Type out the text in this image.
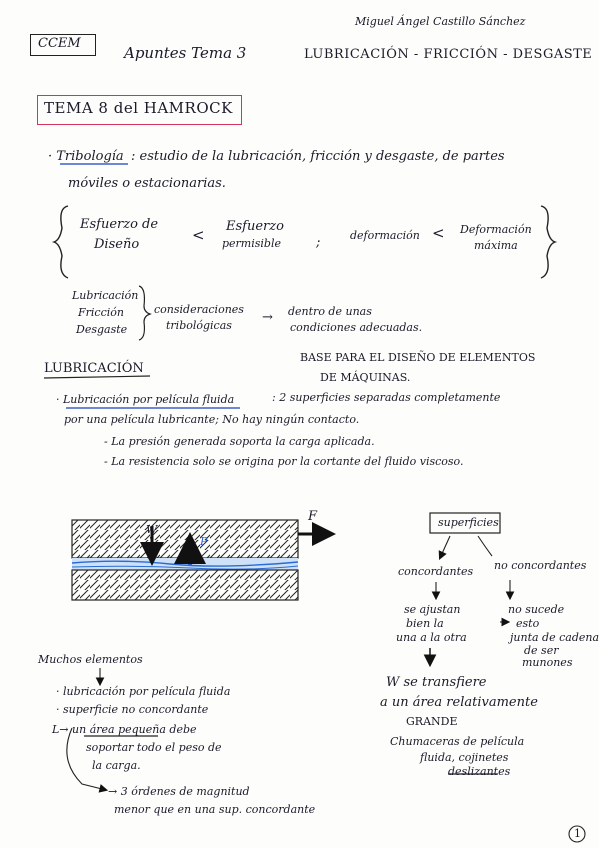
CCEM
Apuntes Tema 3
Miguel Ángel Castillo Sánchez
LUBRICACIÓN - FRICCIÓN - DESGASTE
TEMA 8 del HAMROCK
· Tribología : estudio de la lubricación, fricción y desgaste, de partes
móviles o estacionarias.
Esfuerzo de
Diseño
< Esfuerzo
permisible	;	deformación < Deformación
máxima
Lubricación
Fricción
Desgaste
consideraciones
tribológicas
→ dentro de unas
condiciones adecuadas.
LUBRICACIÓN
BASE PARA EL DISEÑO DE ELEMENTOS
DE MÁQUINAS.
· Lubricación por película fluida	: 2 superficies separadas completamente
por una película lubricante; No hay ningún contacto.
- La presión generada soporta la carga aplicada.
- La resistencia solo se origina por la cortante del fluido viscoso.
W
P
F	superficies
concordantes no concordantes
se ajustan
bien la
una a la otra
no sucede
esto
junta de cadena
de ser
munones
W se transfiere
a un área relativamente
GRANDE
Chumaceras de película
fluida, cojinetes
deslizantes
Muchos elementos
· lubricación por película fluida
· superficie no concordante
L→ un área pequeña debe
soportar todo el peso de
la carga.
→ 3 órdenes de magnitud
menor que en una sup. concordante
1
